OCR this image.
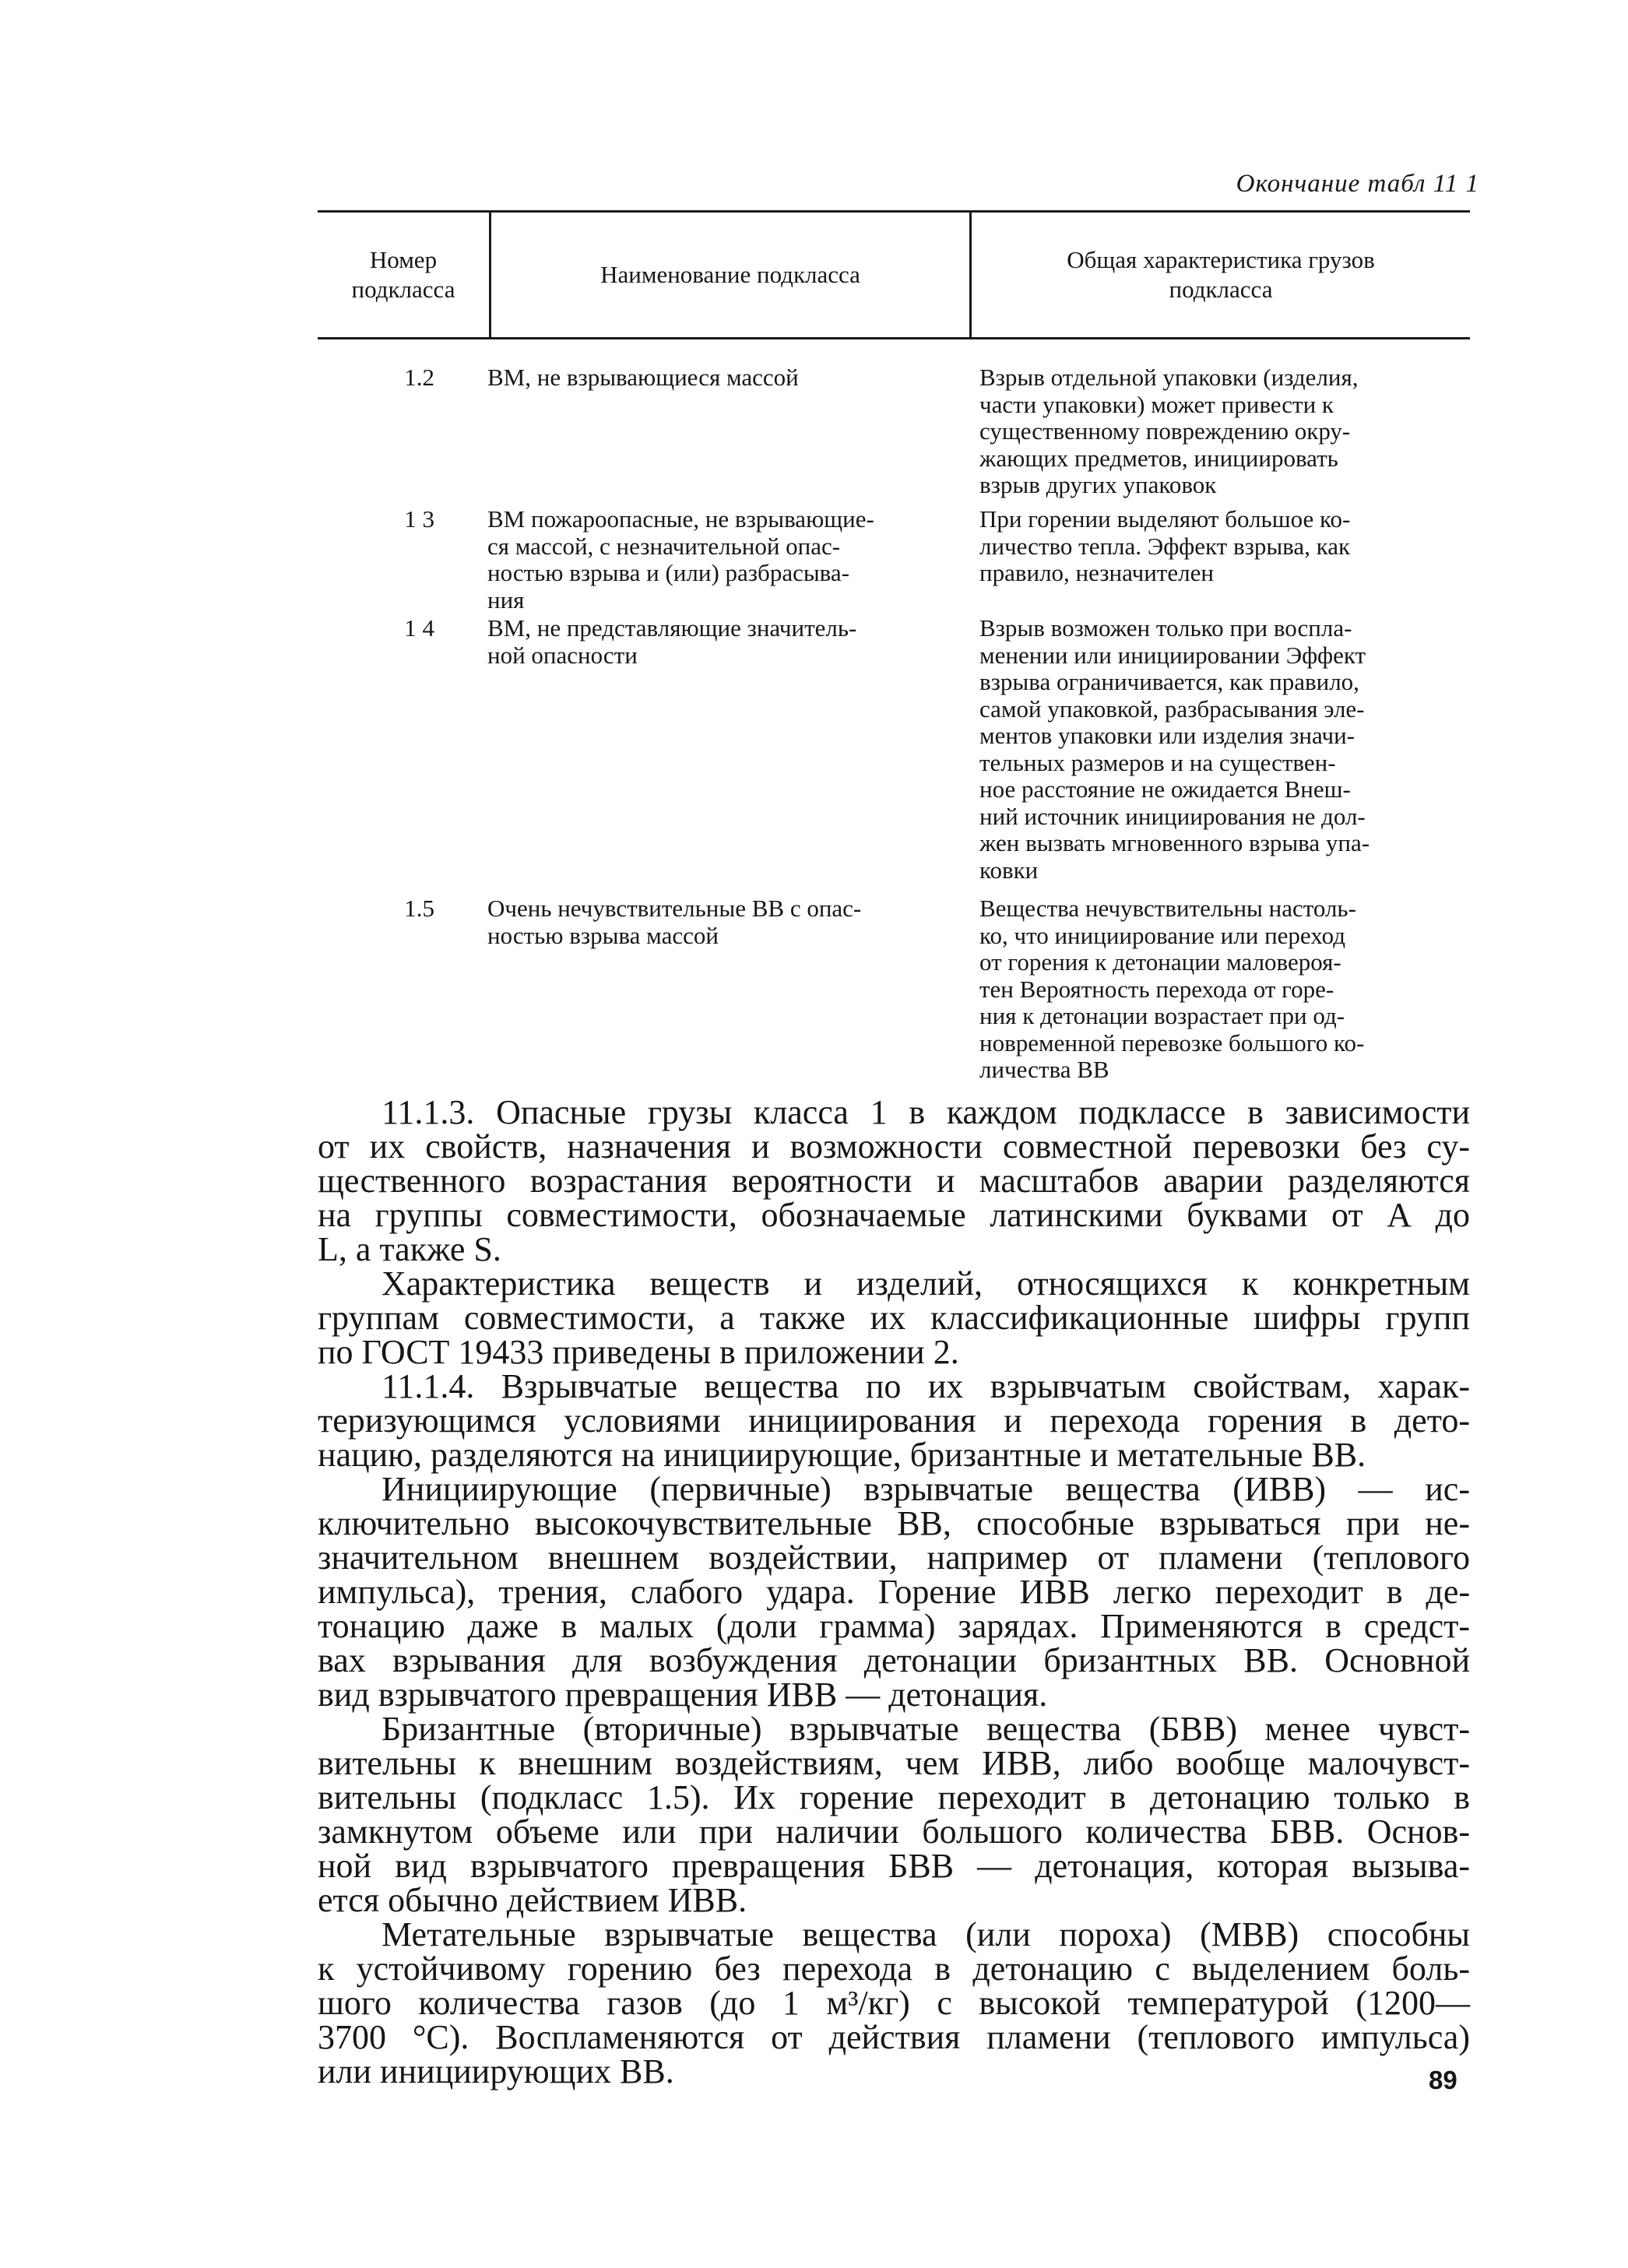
Окончание табл 11 1
Номер
подкласса
Наименование подкласса
Общая характеристика грузов
подкласса
1.2 ВМ, не взрывающиеся массой	Взрыв отдельной упаковки (изделия,
части упаковки) может привести к
существенному повреждению окру-
жающих предметов, инициировать
взрыв других упаковок
1 3 ВМ пожароопасные, не взрывающие-
ся массой, с незначительной опас-
ностью взрыва и (или) разбрасыва-
ния
При горении выделяют большое ко-
личество тепла. Эффект взрыва, как
правило, незначителен
1 4 ВМ, не представляющие значитель-
ной опасности
Взрыв возможен только при воспла-
менении или инициировании Эффект
взрыва ограничивается, как правило,
самой упаковкой, разбрасывания эле-
ментов упаковки или изделия значи-
тельных размеров и на существен-
ное расстояние не ожидается Внеш-
ний источник инициирования не дол-
жен вызвать мгновенного взрыва упа-
ковки
1.5 Очень нечувствительные ВВ с опас-
ностью взрыва массой
Вещества нечувствительны настоль-
ко, что инициирование или переход
от горения к детонации маловероя-
тен Вероятность перехода от горе-
ния к детонации возрастает при од-
новременной перевозке большого ко-
личества ВВ
11.1.3. Опасные грузы класса 1 в каждом подклассе в зависимости
от их свойств, назначения и возможности совместной перевозки без су-
щественного возрастания вероятности и масштабов аварии разделяются
на группы совместимости, обозначаемые латинскими буквами от А до
L, а также S.
Характеристика веществ и изделий, относящихся к конкретным
группам совместимости, а также их классификационные шифры групп
по ГОСТ 19433 приведены в приложении 2.
11.1.4. Взрывчатые вещества по их взрывчатым свойствам, харак-
теризующимся условиями инициирования и перехода горения в дето-
нацию, разделяются на инициирующие, бризантные и метательные ВВ.
Инициирующие (первичные) взрывчатые вещества (ИВВ) — ис-
ключительно высокочувствительные ВВ, способные взрываться при не-
значительном внешнем воздействии, например от пламени (теплового
импульса), трения, слабого удара. Горение ИВВ легко переходит в де-
тонацию даже в малых (доли грамма) зарядах. Применяются в средст-
вах взрывания для возбуждения детонации бризантных ВВ. Основной
вид взрывчатого превращения ИВВ — детонация.
Бризантные (вторичные) взрывчатые вещества (БВВ) менее чувст-
вительны к внешним воздействиям, чем ИВВ, либо вообще малочувст-
вительны (подкласс 1.5). Их горение переходит в детонацию только в
замкнутом объеме или при наличии большого количества БВВ. Основ-
ной вид взрывчатого превращения БВВ — детонация, которая вызыва-
ется обычно действием ИВВ.
Метательные взрывчатые вещества (или пороха) (МВВ) способны
к устойчивому горению без перехода в детонацию с выделением боль-
шого количества газов (до 1 м³/кг) с высокой температурой (1200—
3700 °С). Воспламеняются от действия пламени (теплового импульса)
или инициирующих ВВ.	89
